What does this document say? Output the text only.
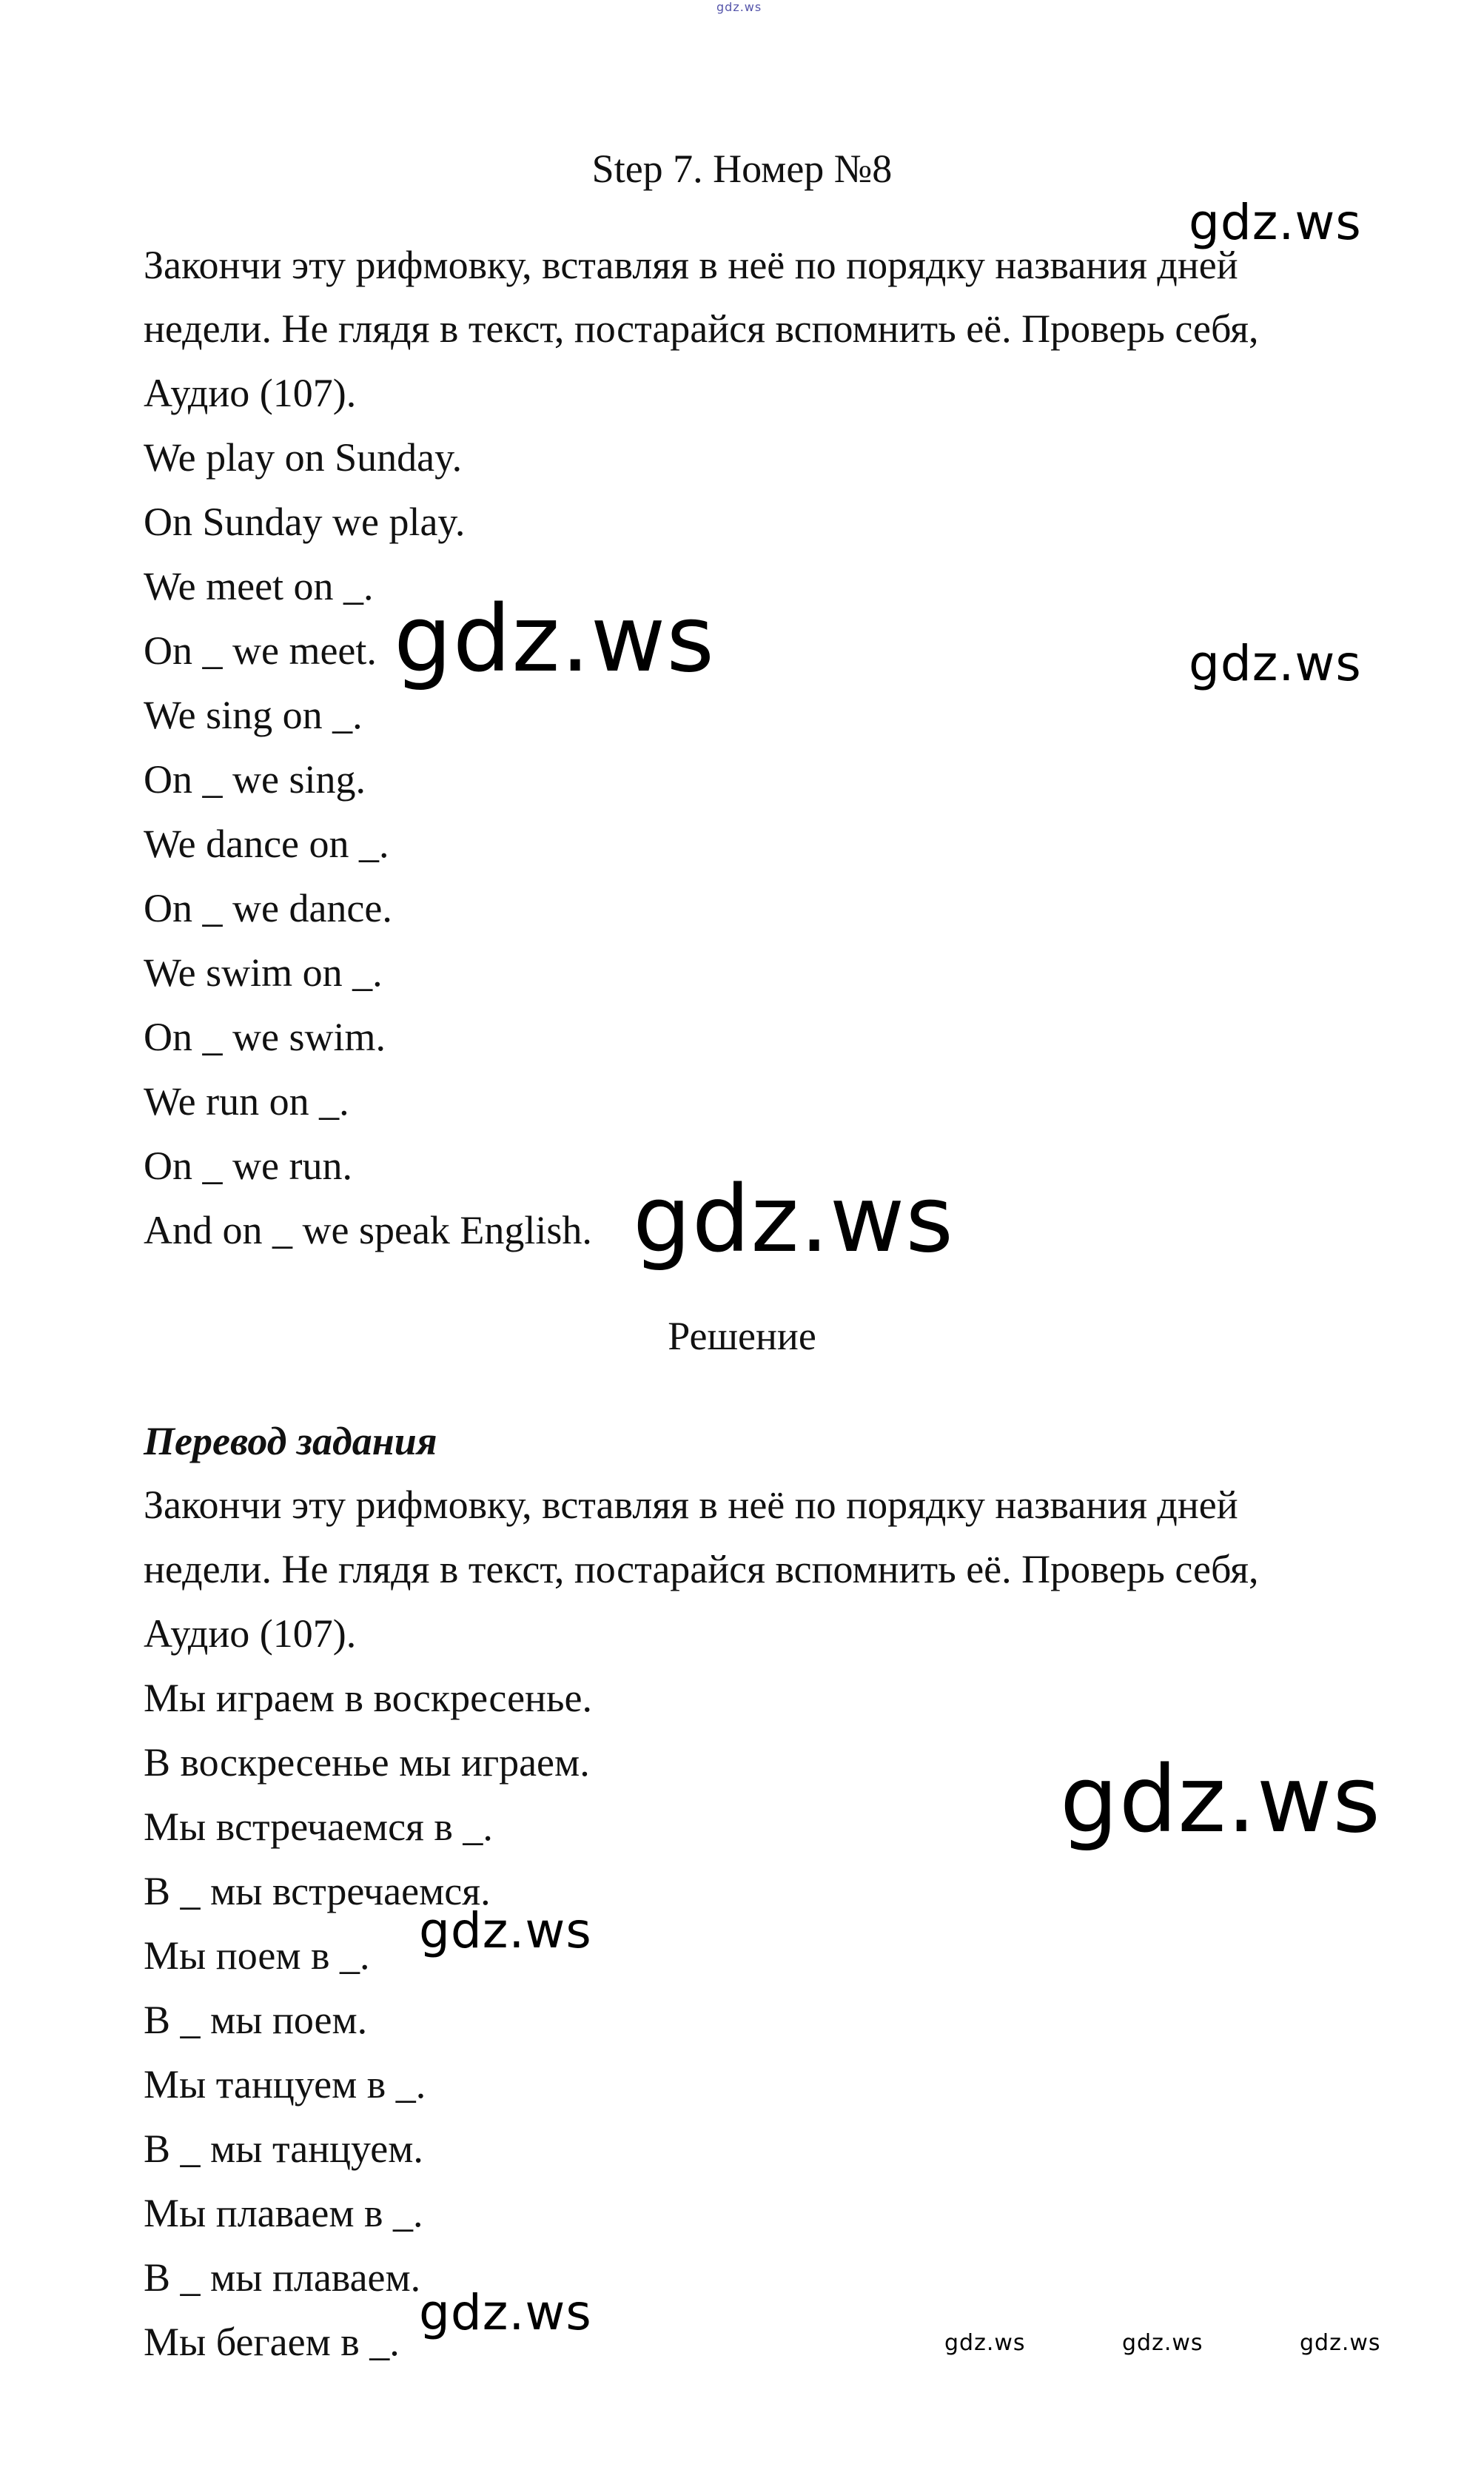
gdz.ws
Step 7. Номер №8
Закончи эту рифмовку, вставляя в неё по порядку названия дней
недели. Не глядя в текст, постарайся вспомнить её. Проверь себя,
Аудио (107).
We play on Sunday.
On Sunday we play.
We meet on _.
On _ we meet.
We sing on _.
On _ we sing.
We dance on _.
On _ we dance.
We swim on _.
On _ we swim.
We run on _.
On _ we run.
And on _ we speak English.
Решение
Перевод задания
Закончи эту рифмовку, вставляя в неё по порядку названия дней
недели. Не глядя в текст, постарайся вспомнить её. Проверь себя,
Аудио (107).
Мы играем в воскресенье.
В воскресенье мы играем.
Мы встречаемся в _.
В _ мы встречаемся.
Мы поем в _.
В _ мы поем.
Мы танцуем в _.
В _ мы танцуем.
Мы плаваем в _.
В _ мы плаваем.
Мы бегаем в _.
gdz.ws
gdz.ws	gdz.ws
gdz.ws
gdz.ws
gdz.ws
gdz.ws
gdz.ws	gdz.ws	gdz.ws
